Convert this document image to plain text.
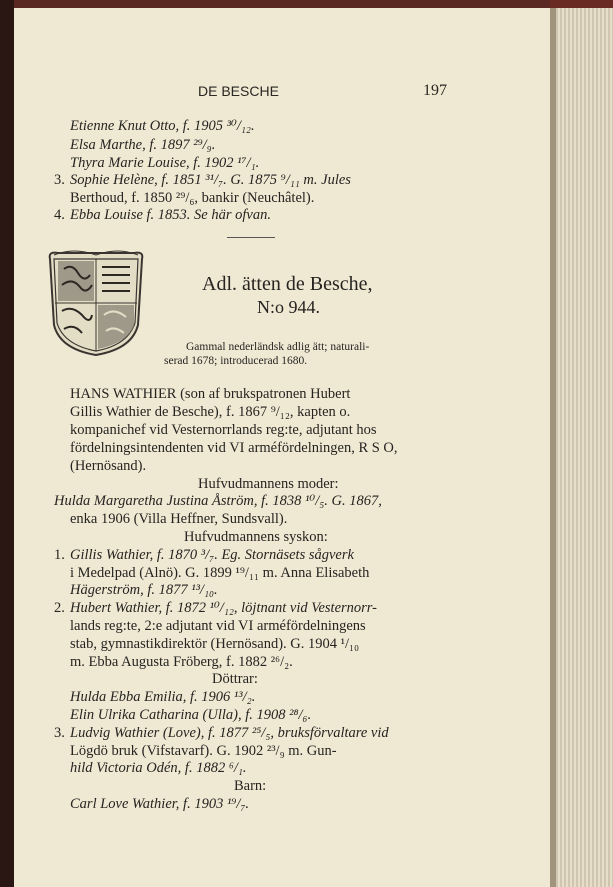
DE BESCHE	197
Etienne Knut Otto, f. 1905 ³⁰/₁₂.
Elsa Marthe, f. 1897 ²⁹/₉.
Thyra Marie Louise, f. 1902 ¹⁷/₁.
3. Sophie Helène, f. 1851 ³¹/₇. G. 1875 ⁹/₁₁ m. Jules
Berthoud, f. 1850 ²⁹/₆, bankir (Neuchâtel).
4. Ebba Louise f. 1853. Se här ofvan.
Adl. ätten de Besche,
N:o 944.
Gammal nederländsk adlig ätt; naturali-
serad 1678; introducerad 1680.
HANS WATHIER (son af brukspatronen Hubert
Gillis Wathier de Besche), f. 1867 ⁹/₁₂, kapten o.
kompanichef vid Vesternorrlands reg:te, adjutant hos
fördelningsintendenten vid VI arméfördelningen, R S O,
(Hernösand).
Hufvudmannens moder:
Hulda Margaretha Justina Åström, f. 1838 ¹⁰/₅. G. 1867,
enka 1906 (Villa Heffner, Sundsvall).
Hufvudmannens syskon:
1. Gillis Wathier, f. 1870 ³/₇. Eg. Stornäsets sågverk
i Medelpad (Alnö). G. 1899 ¹⁹/₁₁ m. Anna Elisabeth
Hägerström, f. 1877 ¹³/₁₀.
2. Hubert Wathier, f. 1872 ¹⁰/₁₂, löjtnant vid Vesternorr-
lands reg:te, 2:e adjutant vid VI arméfördelningens
stab, gymnastikdirektör (Hernösand). G. 1904 ¹/₁₀
m. Ebba Augusta Fröberg, f. 1882 ²⁶/₂.
Döttrar:
Hulda Ebba Emilia, f. 1906 ¹³/₂.
Elin Ulrika Catharina (Ulla), f. 1908 ²⁸/₆.
3. Ludvig Wathier (Love), f. 1877 ²⁵/₅, bruksförvaltare vid
Lögdö bruk (Vifstavarf). G. 1902 ²³/₉ m. Gun-
hild Victoria Odén, f. 1882 ⁶/₁.
Barn:
Carl Love Wathier, f. 1903 ¹⁹/₇.
